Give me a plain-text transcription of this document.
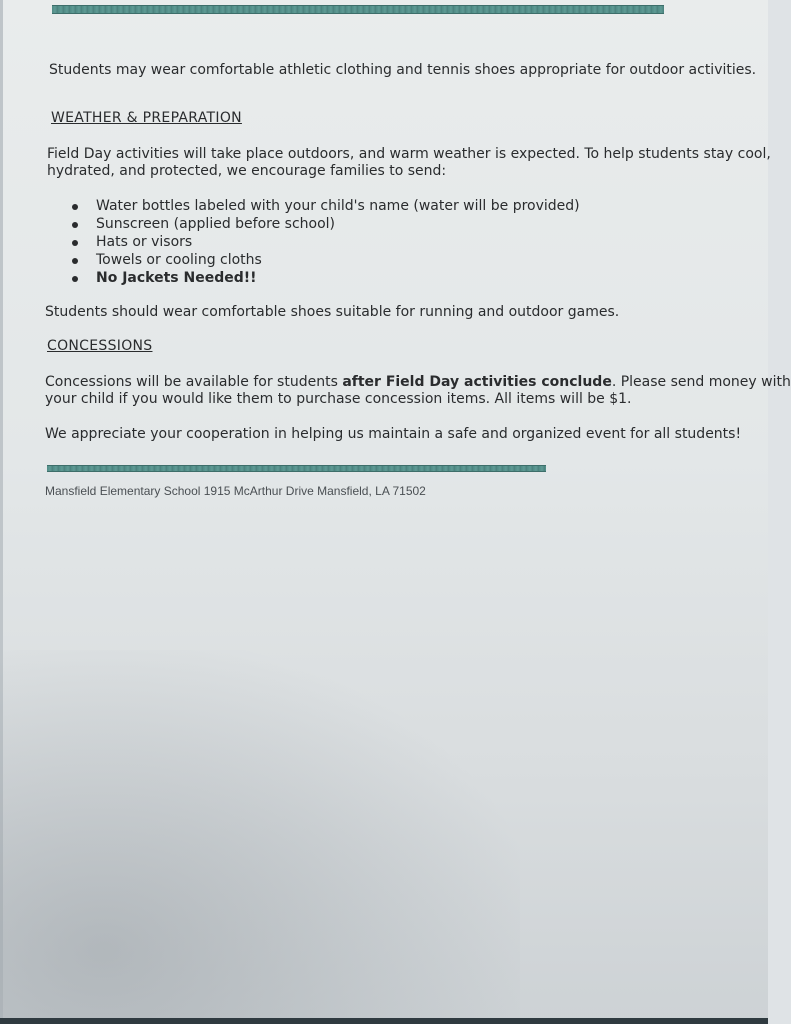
Students may wear comfortable athletic clothing and tennis shoes appropriate for outdoor activities.
WEATHER & PREPARATION
Field Day activities will take place outdoors, and warm weather is expected. To help students stay cool,
hydrated, and protected, we encourage families to send:
Water bottles labeled with your child's name (water will be provided)
Sunscreen (applied before school)
Hats or visors
Towels or cooling cloths
No Jackets Needed!!
Students should wear comfortable shoes suitable for running and outdoor games.
CONCESSIONS
Concessions will be available for students after Field Day activities conclude. Please send money with
your child if you would like them to purchase concession items. All items will be $1.
We appreciate your cooperation in helping us maintain a safe and organized event for all students!
Mansfield Elementary School 1915 McArthur Drive Mansfield, LA 71502
